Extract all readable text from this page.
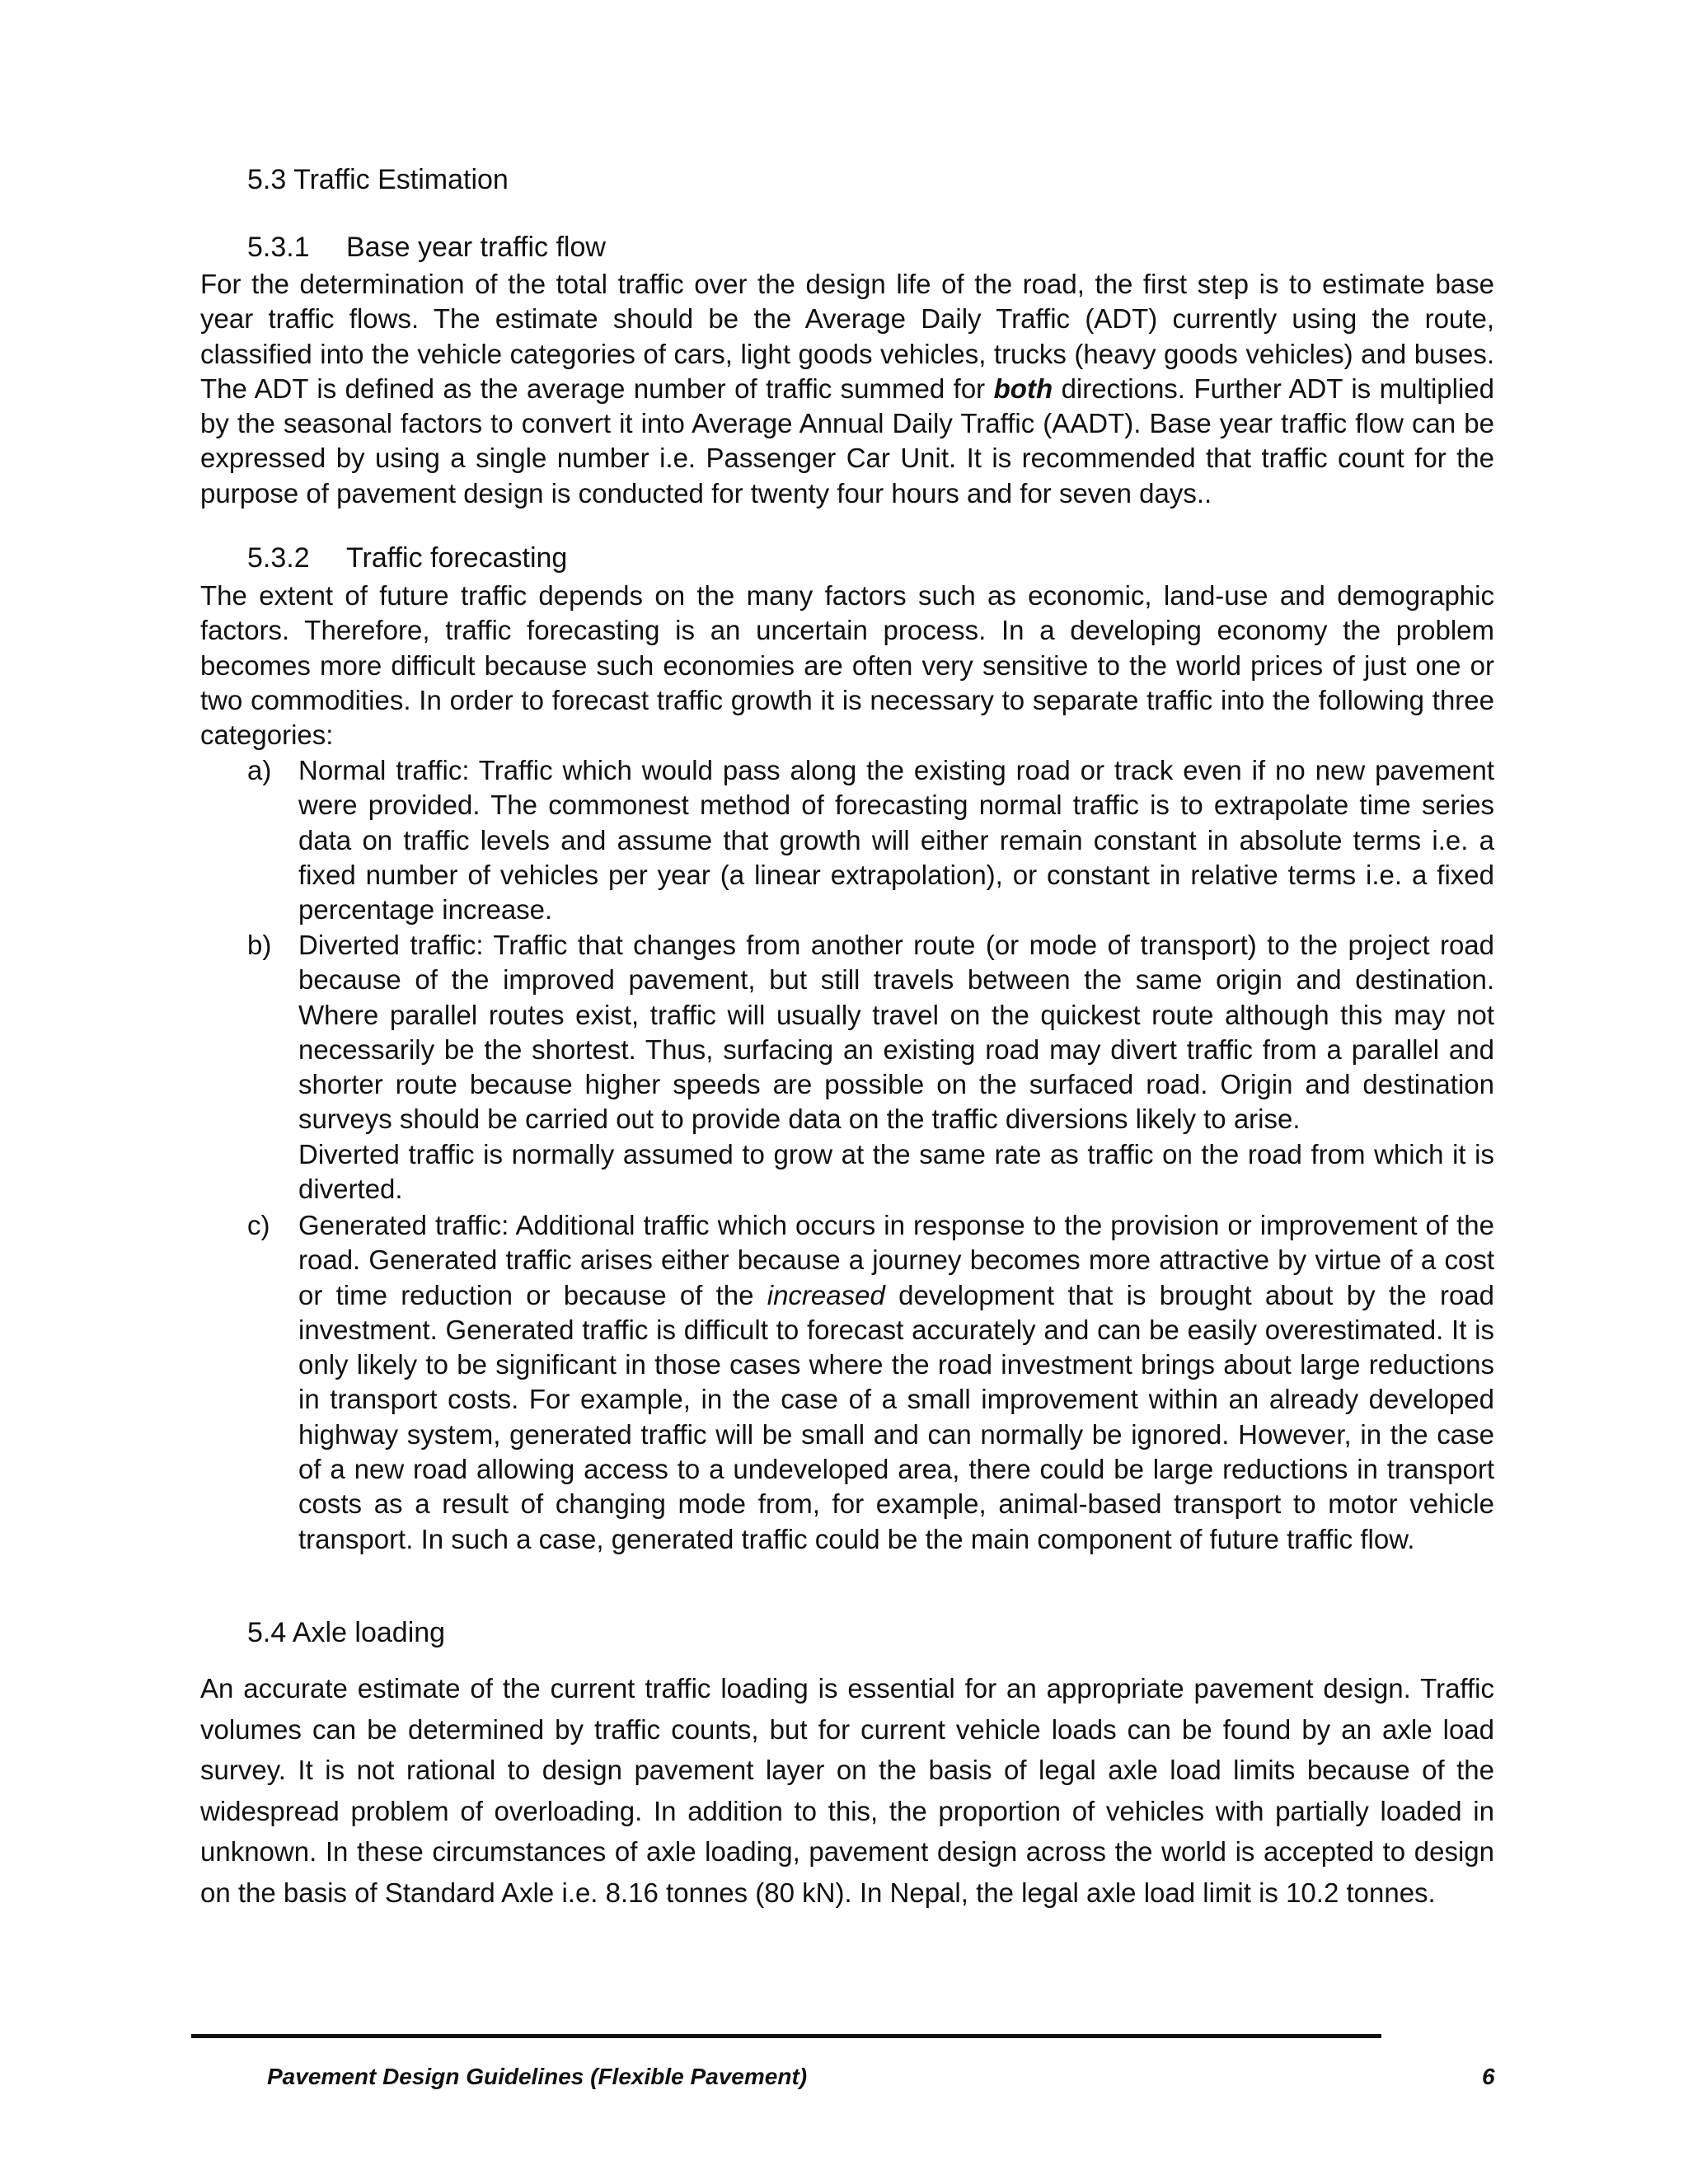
5.3 Traffic Estimation
5.3.1 Base year traffic flow

For the determination of the total traffic over the design life of the road, the first step is to estimate base year traffic flows. The estimate should be the Average Daily Traffic (ADT) currently using the route, classified into the vehicle categories of cars, light goods vehicles, trucks (heavy goods vehicles) and buses. The ADT is defined as the average number of traffic summed for both directions. Further ADT is multiplied by the seasonal factors to convert it into Average Annual Daily Traffic (AADT). Base year traffic flow can be expressed by using a single number i.e. Passenger Car Unit. It is recommended that traffic count for the purpose of pavement design is conducted for twenty four hours and for seven days..

5.3.2 Traffic forecasting

The extent of future traffic depends on the many factors such as economic, land-use and demographic factors. Therefore, traffic forecasting is an uncertain process. In a developing economy the problem becomes more difficult because such economies are often very sensitive to the world prices of just one or two commodities. In order to forecast traffic growth it is necessary to separate traffic into the following three categories:

a) Normal traffic: Traffic which would pass along the existing road or track even if no new pavement were provided. The commonest method of forecasting normal traffic is to extrapolate time series data on traffic levels and assume that growth will either remain constant in absolute terms i.e. a fixed number of vehicles per year (a linear extrapolation), or constant in relative terms i.e. a fixed percentage increase.

b) Diverted traffic: Traffic that changes from another route (or mode of transport) to the project road because of the improved pavement, but still travels between the same origin and destination. Where parallel routes exist, traffic will usually travel on the quickest route although this may not necessarily be the shortest. Thus, surfacing an existing road may divert traffic from a parallel and shorter route because higher speeds are possible on the surfaced road. Origin and destination surveys should be carried out to provide data on the traffic diversions likely to arise.

Diverted traffic is normally assumed to grow at the same rate as traffic on the road from which it is diverted.

c) Generated traffic: Additional traffic which occurs in response to the provision or improvement of the road. Generated traffic arises either because a journey becomes more attractive by virtue of a cost or time reduction or because of the increased development that is brought about by the road investment. Generated traffic is difficult to forecast accurately and can be easily overestimated. It is only likely to be significant in those cases where the road investment brings about large reductions in transport costs. For example, in the case of a small improvement within an already developed highway system, generated traffic will be small and can normally be ignored. However, in the case of a new road allowing access to a undeveloped area, there could be large reductions in transport costs as a result of changing mode from, for example, animal-based transport to motor vehicle transport. In such a case, generated traffic could be the main component of future traffic flow.

5.4 Axle loading

An accurate estimate of the current traffic loading is essential for an appropriate pavement design. Traffic volumes can be determined by traffic counts, but for current vehicle loads can be found by an axle load survey. It is not rational to design pavement layer on the basis of legal axle load limits because of the widespread problem of overloading. In addition to this, the proportion of vehicles with partially loaded in unknown. In these circumstances of axle loading, pavement design across the world is accepted to design on the basis of Standard Axle i.e. 8.16 tonnes (80 kN). In Nepal, the legal axle load limit is 10.2 tonnes.

Pavement Design Guidelines (Flexible Pavement)	6
